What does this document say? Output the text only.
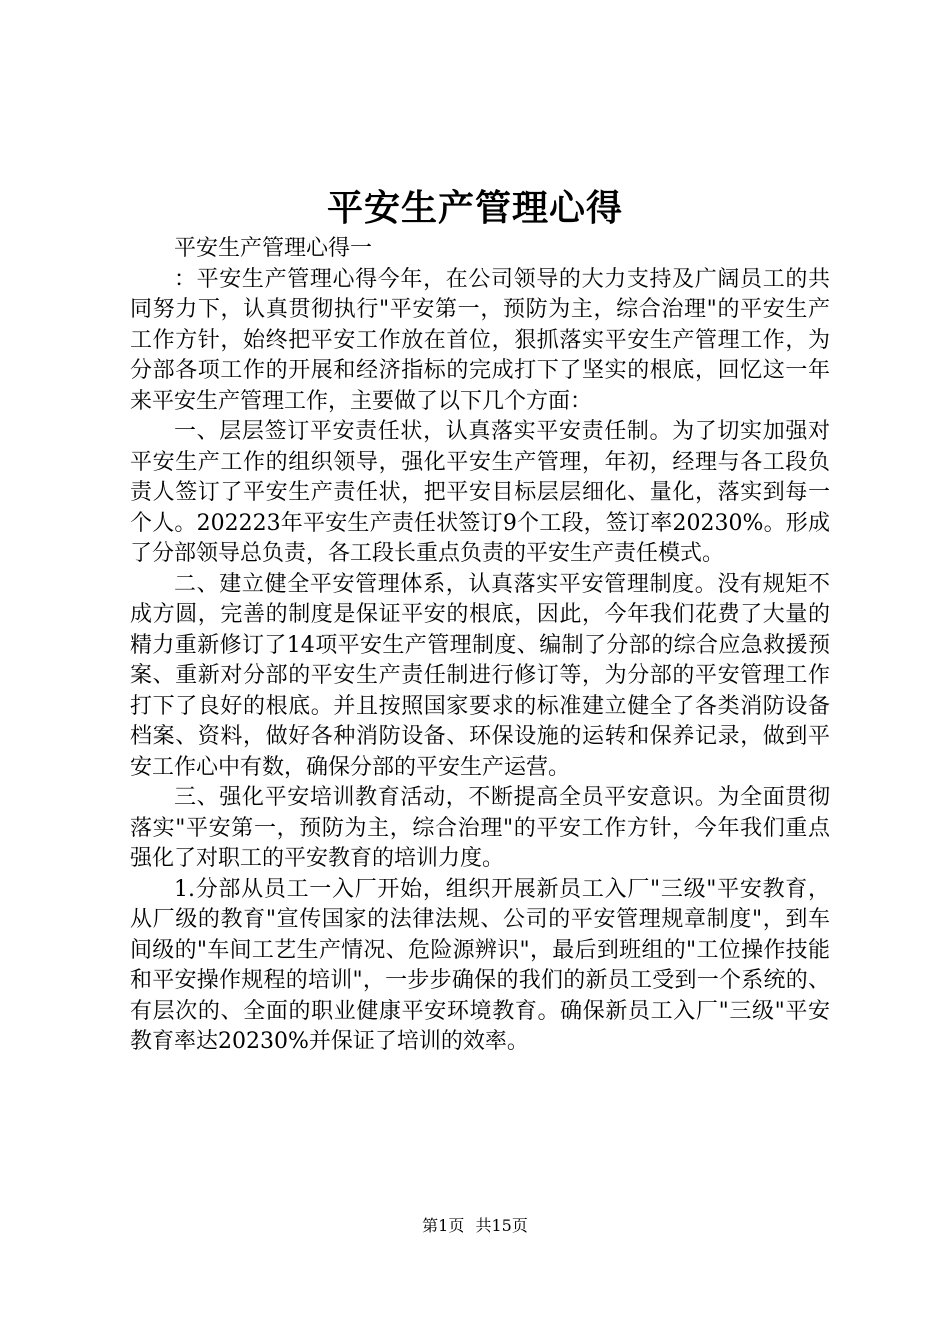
平安生产管理心得

平安生产管理心得一

：平安生产管理心得今年，在公司领导的大力支持及广阔员工的共同努力下，认真贯彻执行"平安第一，预防为主，综合治理"的平安生产工作方针，始终把平安工作放在首位，狠抓落实平安生产管理工作，为分部各项工作的开展和经济指标的完成打下了坚实的根底，回忆这一年来平安生产管理工作，主要做了以下几个方面：

一、层层签订平安责任状，认真落实平安责任制。为了切实加强对平安生产工作的组织领导，强化平安生产管理，年初，经理与各工段负责人签订了平安生产责任状，把平安目标层层细化、量化，落实到每一个人。202223年平安生产责任状签订9个工段，签订率20230%。形成了分部领导总负责，各工段长重点负责的平安生产责任模式。

二、建立健全平安管理体系，认真落实平安管理制度。没有规矩不成方圆，完善的制度是保证平安的根底，因此，今年我们花费了大量的精力重新修订了14项平安生产管理制度、编制了分部的综合应急救援预案、重新对分部的平安生产责任制进行修订等，为分部的平安管理工作打下了良好的根底。并且按照国家要求的标准建立健全了各类消防设备档案、资料，做好各种消防设备、环保设施的运转和保养记录，做到平安工作心中有数，确保分部的平安生产运营。

三、强化平安培训教育活动，不断提高全员平安意识。为全面贯彻落实"平安第一，预防为主，综合治理"的平安工作方针，今年我们重点强化了对职工的平安教育的培训力度。

1.分部从员工一入厂开始，组织开展新员工入厂"三级"平安教育，从厂级的教育"宣传国家的法律法规、公司的平安管理规章制度"，到车间级的"车间工艺生产情况、危险源辨识"，最后到班组的"工位操作技能和平安操作规程的培训"，一步步确保的我们的新员工受到一个系统的、有层次的、全面的职业健康平安环境教育。确保新员工入厂"三级"平安教育率达20230%并保证了培训的效率。

第1页 共15页
